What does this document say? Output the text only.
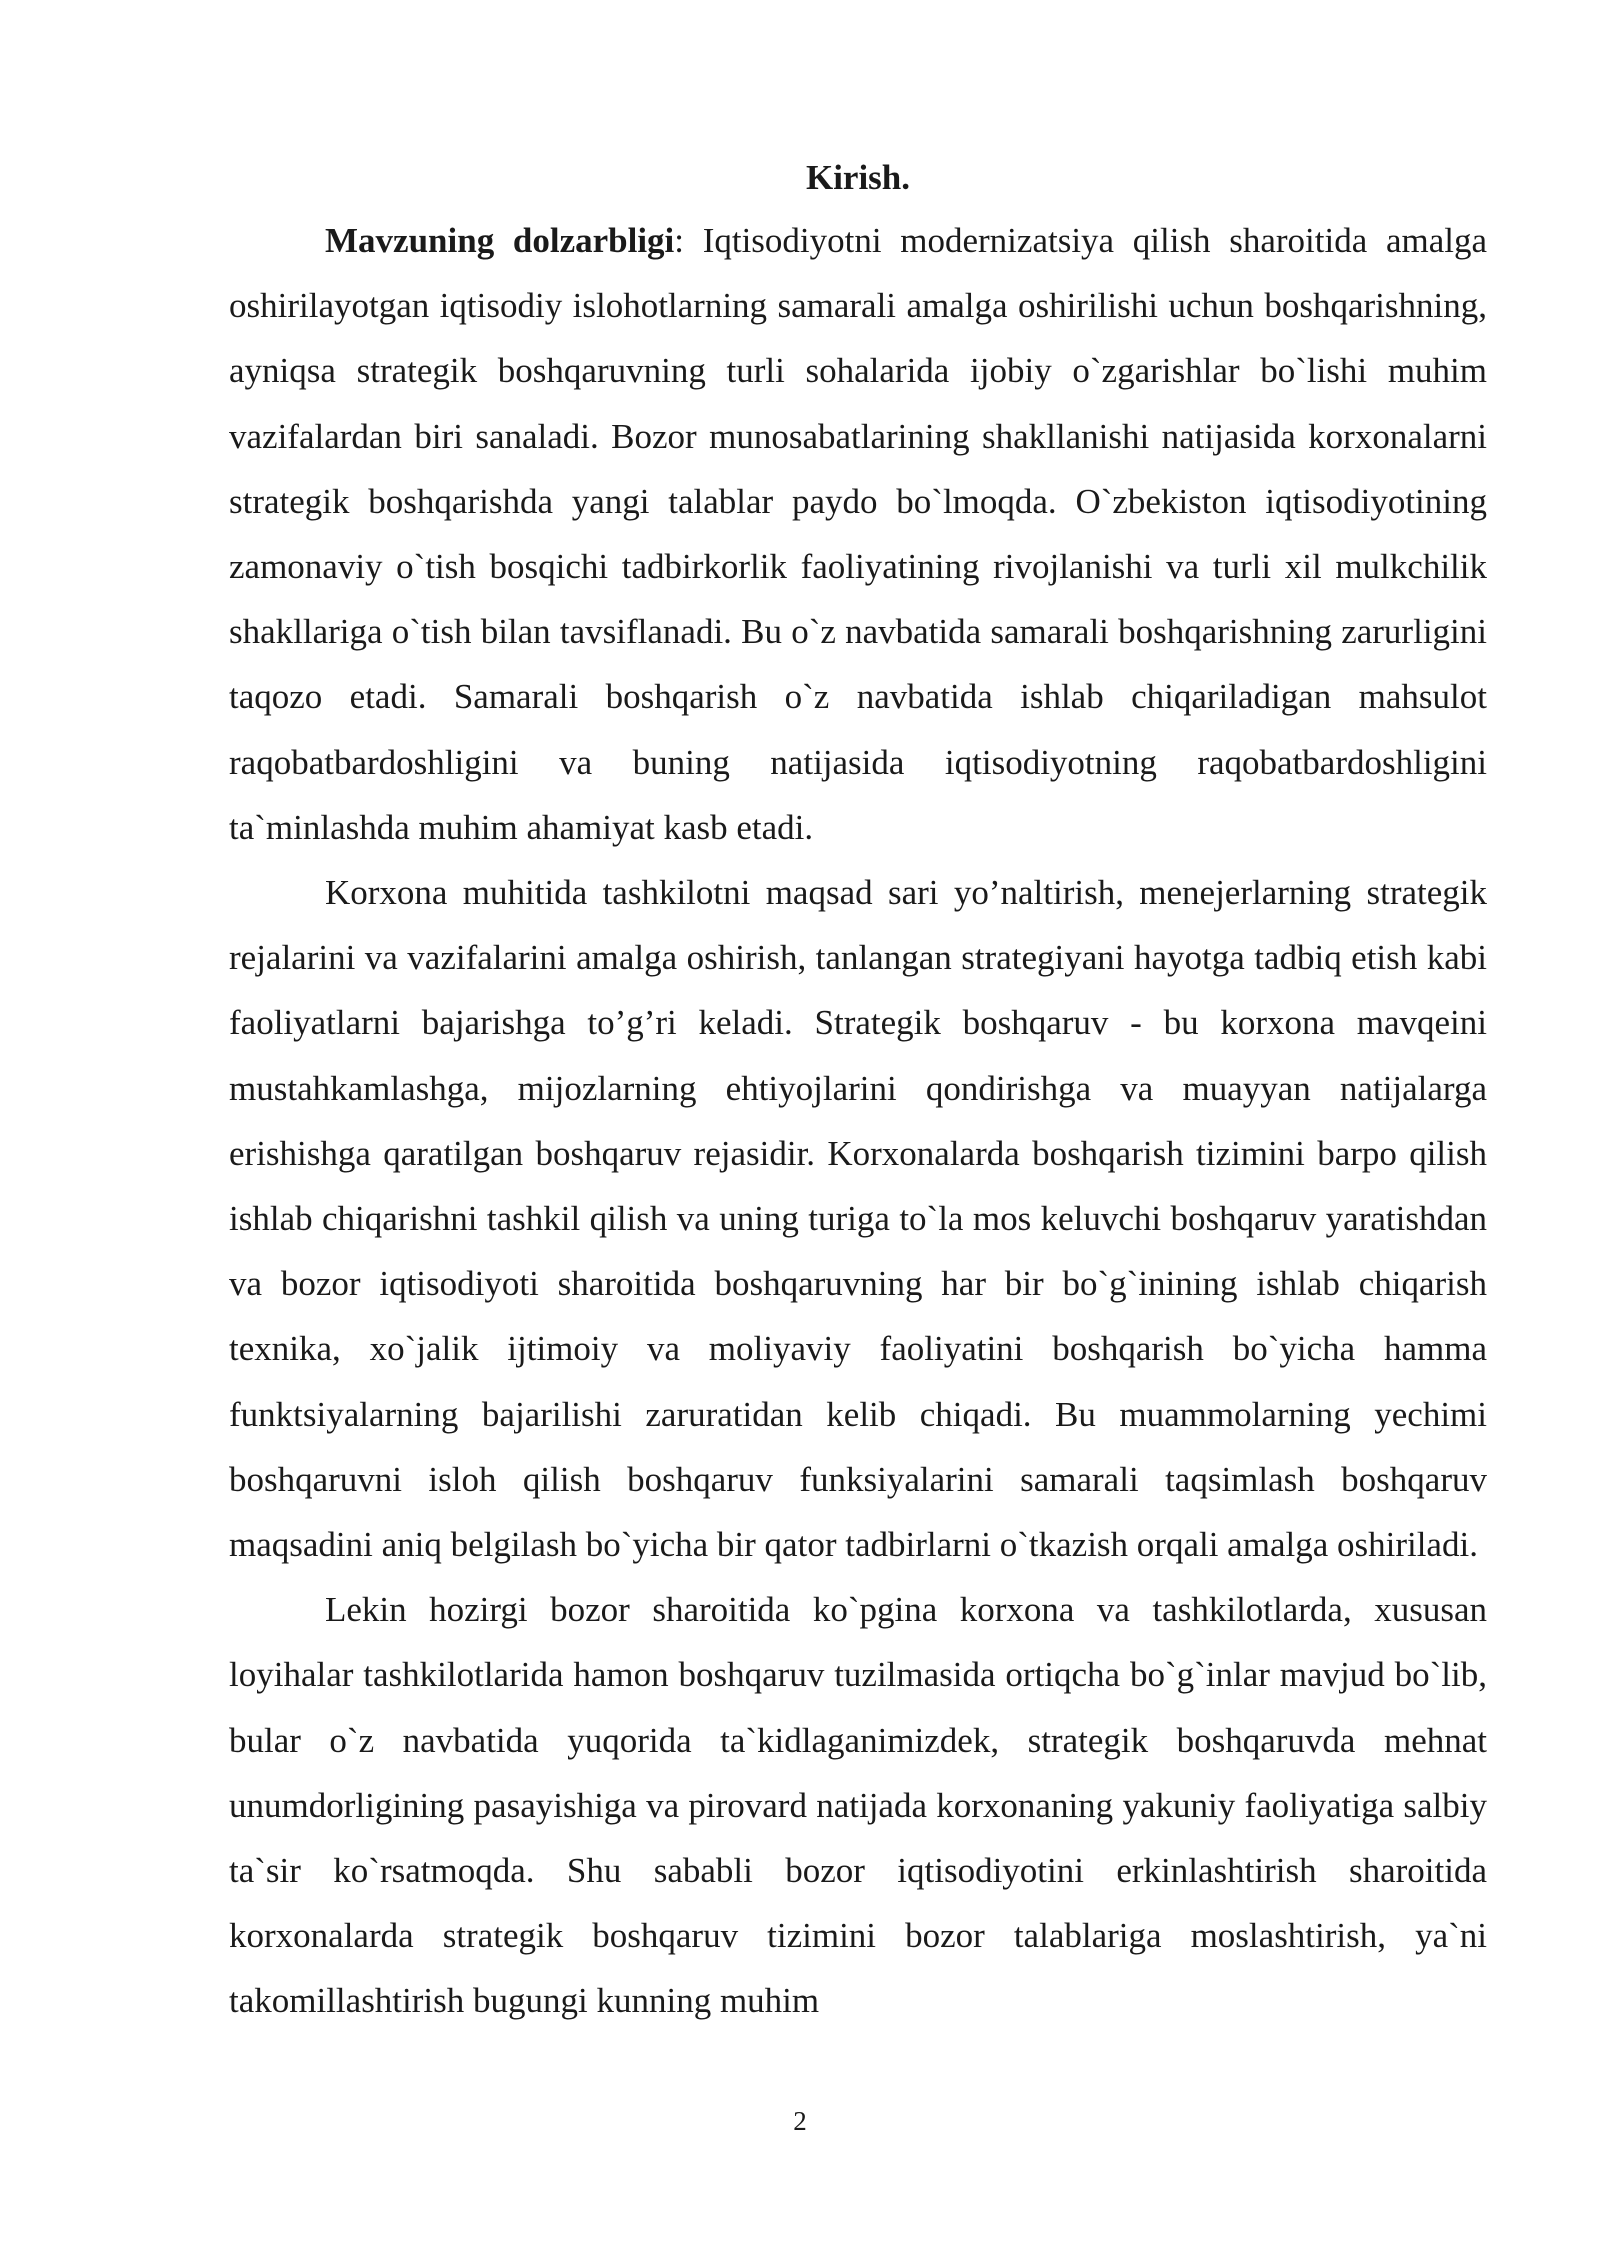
Kirish.

Mavzuning dolzarbligi: Iqtisodiyotni modernizatsiya qilish sharoitida amalga oshirilayotgan iqtisodiy islohotlarning samarali amalga oshirilishi uchun boshqarishning, ayniqsa strategik boshqaruvning turli sohalarida ijobiy o`zgarishlar bo`lishi muhim vazifalardan biri sanaladi. Bozor munosabatlarining shakllanishi natijasida korxonalarni strategik boshqarishda yangi talablar paydo bo`lmoqda. O`zbekiston iqtisodiyotining zamonaviy o`tish bosqichi tadbirkorlik faoliyatining rivojlanishi va turli xil mulkchilik shakllariga o`tish bilan tavsiflanadi. Bu o`z navbatida samarali boshqarishning zarurligini taqozo etadi. Samarali boshqarish o`z navbatida ishlab chiqariladigan mahsulot raqobatbardoshligini va buning natijasida iqtisodiyotning raqobatbardoshligini ta`minlashda muhim ahamiyat kasb etadi.

Korxona muhitida tashkilotni maqsad sari yo’naltirish, menejerlarning strategik rejalarini va vazifalarini amalga oshirish, tanlangan strategiyani hayotga tadbiq etish kabi faoliyatlarni bajarishga to’g’ri keladi. Strategik boshqaruv - bu korxona mavqeini mustahkamlashga, mijozlarning ehtiyojlarini qondirishga va muayyan natijalarga erishishga qaratilgan boshqaruv rejasidir. Korxonalarda boshqarish tizimini barpo qilish ishlab chiqarishni tashkil qilish va uning turiga to`la mos keluvchi boshqaruv yaratishdan va bozor iqtisodiyoti sharoitida boshqaruvning har bir bo`g`inining ishlab chiqarish texnika, xo`jalik ijtimoiy va moliyaviy faoliyatini boshqarish bo`yicha hamma funktsiyalarning bajarilishi zaruratidan kelib chiqadi. Bu muammolarning yechimi boshqaruvni isloh qilish boshqaruv funksiyalarini samarali taqsimlash boshqaruv maqsadini aniq belgilash bo`yicha bir qator tadbirlarni o`tkazish orqali amalga oshiriladi.

Lekin hozirgi bozor sharoitida ko`pgina korxona va tashkilotlarda, xususan loyihalar tashkilotlarida hamon boshqaruv tuzilmasida ortiqcha bo`g`inlar mavjud bo`lib, bular o`z navbatida yuqorida ta`kidlaganimizdek, strategik boshqaruvda mehnat unumdorligining pasayishiga va pirovard natijada korxonaning yakuniy faoliyatiga salbiy ta`sir ko`rsatmoqda. Shu sababli bozor iqtisodiyotini erkinlashtirish sharoitida korxonalarda strategik boshqaruv tizimini bozor talablariga moslashtirish, ya`ni takomillashtirish bugungi kunning muhim

2
